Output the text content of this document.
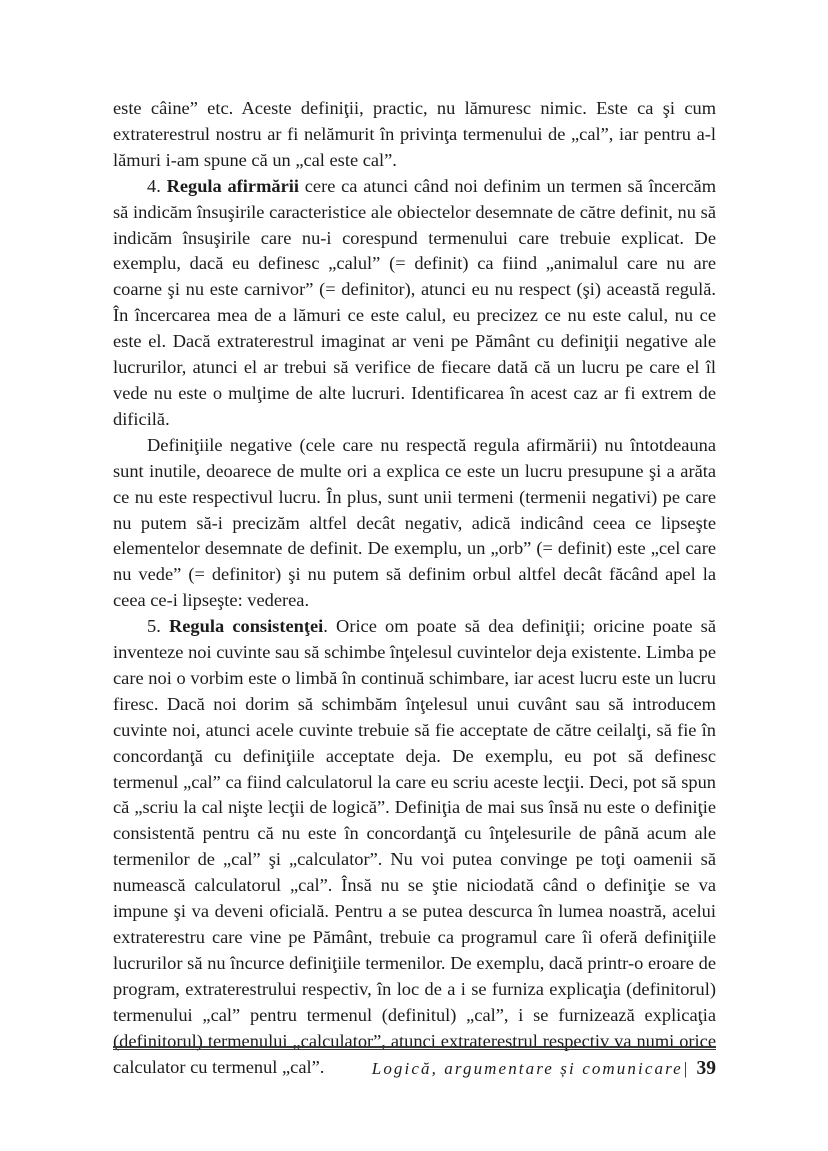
este câine” etc. Aceste definiţii, practic, nu lămuresc nimic. Este ca şi cum extraterestrul nostru ar fi nelămurit în privinţa termenului de „cal”, iar pentru a-l lămuri i-am spune că un „cal este cal”.

4. Regula afirmării cere ca atunci când noi definim un termen să încercăm să indicăm însuşirile caracteristice ale obiectelor desemnate de către definit, nu să indicăm însuşirile care nu-i corespund termenului care trebuie explicat. De exemplu, dacă eu definesc „calul” (= definit) ca fiind „animalul care nu are coarne şi nu este carnivor” (= definitor), atunci eu nu respect (şi) această regulă. În încercarea mea de a lămuri ce este calul, eu precizez ce nu este calul, nu ce este el. Dacă extraterestrul imaginat ar veni pe Pământ cu definiţii negative ale lucrurilor, atunci el ar trebui să verifice de fiecare dată că un lucru pe care el îl vede nu este o mulţime de alte lucruri. Identificarea în acest caz ar fi extrem de dificilă.

Definiţiile negative (cele care nu respectă regula afirmării) nu întotdeauna sunt inutile, deoarece de multe ori a explica ce este un lucru presupune şi a arăta ce nu este respectivul lucru. În plus, sunt unii termeni (termenii negativi) pe care nu putem să-i precizăm altfel decât negativ, adică indicând ceea ce lipseşte elementelor desemnate de definit. De exemplu, un „orb” (= definit) este „cel care nu vede” (= definitor) şi nu putem să definim orbul altfel decât făcând apel la ceea ce-i lipseşte: vederea.

5. Regula consistenţei. Orice om poate să dea definiţii; oricine poate să inventeze noi cuvinte sau să schimbe înţelesul cuvintelor deja existente. Limba pe care noi o vorbim este o limbă în continuă schimbare, iar acest lucru este un lucru firesc. Dacă noi dorim să schimbăm înţelesul unui cuvânt sau să introducem cuvinte noi, atunci acele cuvinte trebuie să fie acceptate de către ceilalţi, să fie în concordanţă cu definiţiile acceptate deja. De exemplu, eu pot să definesc termenul „cal” ca fiind calculatorul la care eu scriu aceste lecţii. Deci, pot să spun că „scriu la cal nişte lecţii de logică”. Definiţia de mai sus însă nu este o definiţie consistentă pentru că nu este în concordanţă cu înţelesurile de până acum ale termenilor de „cal” şi „calculator”. Nu voi putea convinge pe toţi oamenii să numească calculatorul „cal”. Însă nu se ştie niciodată când o definiţie se va impune şi va deveni oficială. Pentru a se putea descurca în lumea noastră, acelui extraterestru care vine pe Pământ, trebuie ca programul care îi oferă definiţiile lucrurilor să nu încurce definiţiile termenilor. De exemplu, dacă printr-o eroare de program, extraterestrului respectiv, în loc de a i se furniza explicaţia (definitorul) termenului „cal” pentru termenul (definitul) „cal”, i se furnizează explicaţia (definitorul) termenului „calculator”, atunci extraterestrul respectiv va numi orice calculator cu termenul „cal”.	Logică, argumentare și comunicare| 39
